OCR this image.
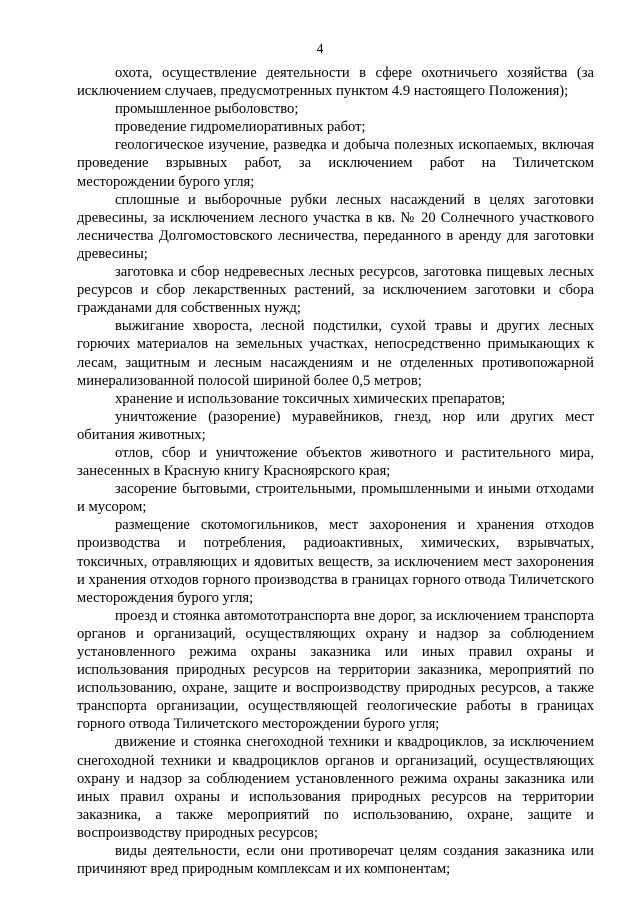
4

охота, осуществление деятельности в сфере охотничьего хозяйства (за исключением случаев, предусмотренных пунктом 4.9 настоящего Положения);

промышленное рыболовство;

проведение гидромелиоративных работ;

геологическое изучение, разведка и добыча полезных ископаемых, включая проведение взрывных работ, за исключением работ на Тиличетском месторождении бурого угля;

сплошные и выборочные рубки лесных насаждений в целях заготовки древесины, за исключением лесного участка в кв. № 20 Солнечного участкового лесничества Долгомостовского лесничества, переданного в аренду для заготовки древесины;

заготовка и сбор недревесных лесных ресурсов, заготовка пищевых лесных ресурсов и сбор лекарственных растений, за исключением заготовки и сбора гражданами для собственных нужд;

выжигание хвороста, лесной подстилки, сухой травы и других лесных горючих материалов на земельных участках, непосредственно примыкающих к лесам, защитным и лесным насаждениям и не отделенных противопожарной минерализованной полосой шириной более 0,5 метров;

хранение и использование токсичных химических препаратов;

уничтожение (разорение) муравейников, гнезд, нор или других мест обитания животных;

отлов, сбор и уничтожение объектов животного и растительного мира, занесенных в Красную книгу Красноярского края;

засорение бытовыми, строительными, промышленными и иными отходами и мусором;

размещение скотомогильников, мест захоронения и хранения отходов производства и потребления, радиоактивных, химических, взрывчатых, токсичных, отравляющих и ядовитых веществ, за исключением мест захоронения и хранения отходов горного производства в границах горного отвода Тиличетского месторождения бурого угля;

проезд и стоянка автомототранспорта вне дорог, за исключением транспорта органов и организаций, осуществляющих охрану и надзор за соблюдением установленного режима охраны заказника или иных правил охраны и использования природных ресурсов на территории заказника, мероприятий по использованию, охране, защите и воспроизводству природных ресурсов, а также транспорта организации, осуществляющей геологические работы в границах горного отвода Тиличетского месторождении бурого угля;

движение и стоянка снегоходной техники и квадроциклов, за исключением снегоходной техники и квадроциклов органов и организаций, осуществляющих охрану и надзор за соблюдением установленного режима охраны заказника или иных правил охраны и использования природных ресурсов на территории заказника, а также мероприятий по использованию, охране, защите и воспроизводству природных ресурсов;

виды деятельности, если они противоречат целям создания заказника или причиняют вред природным комплексам и их компонентам;
